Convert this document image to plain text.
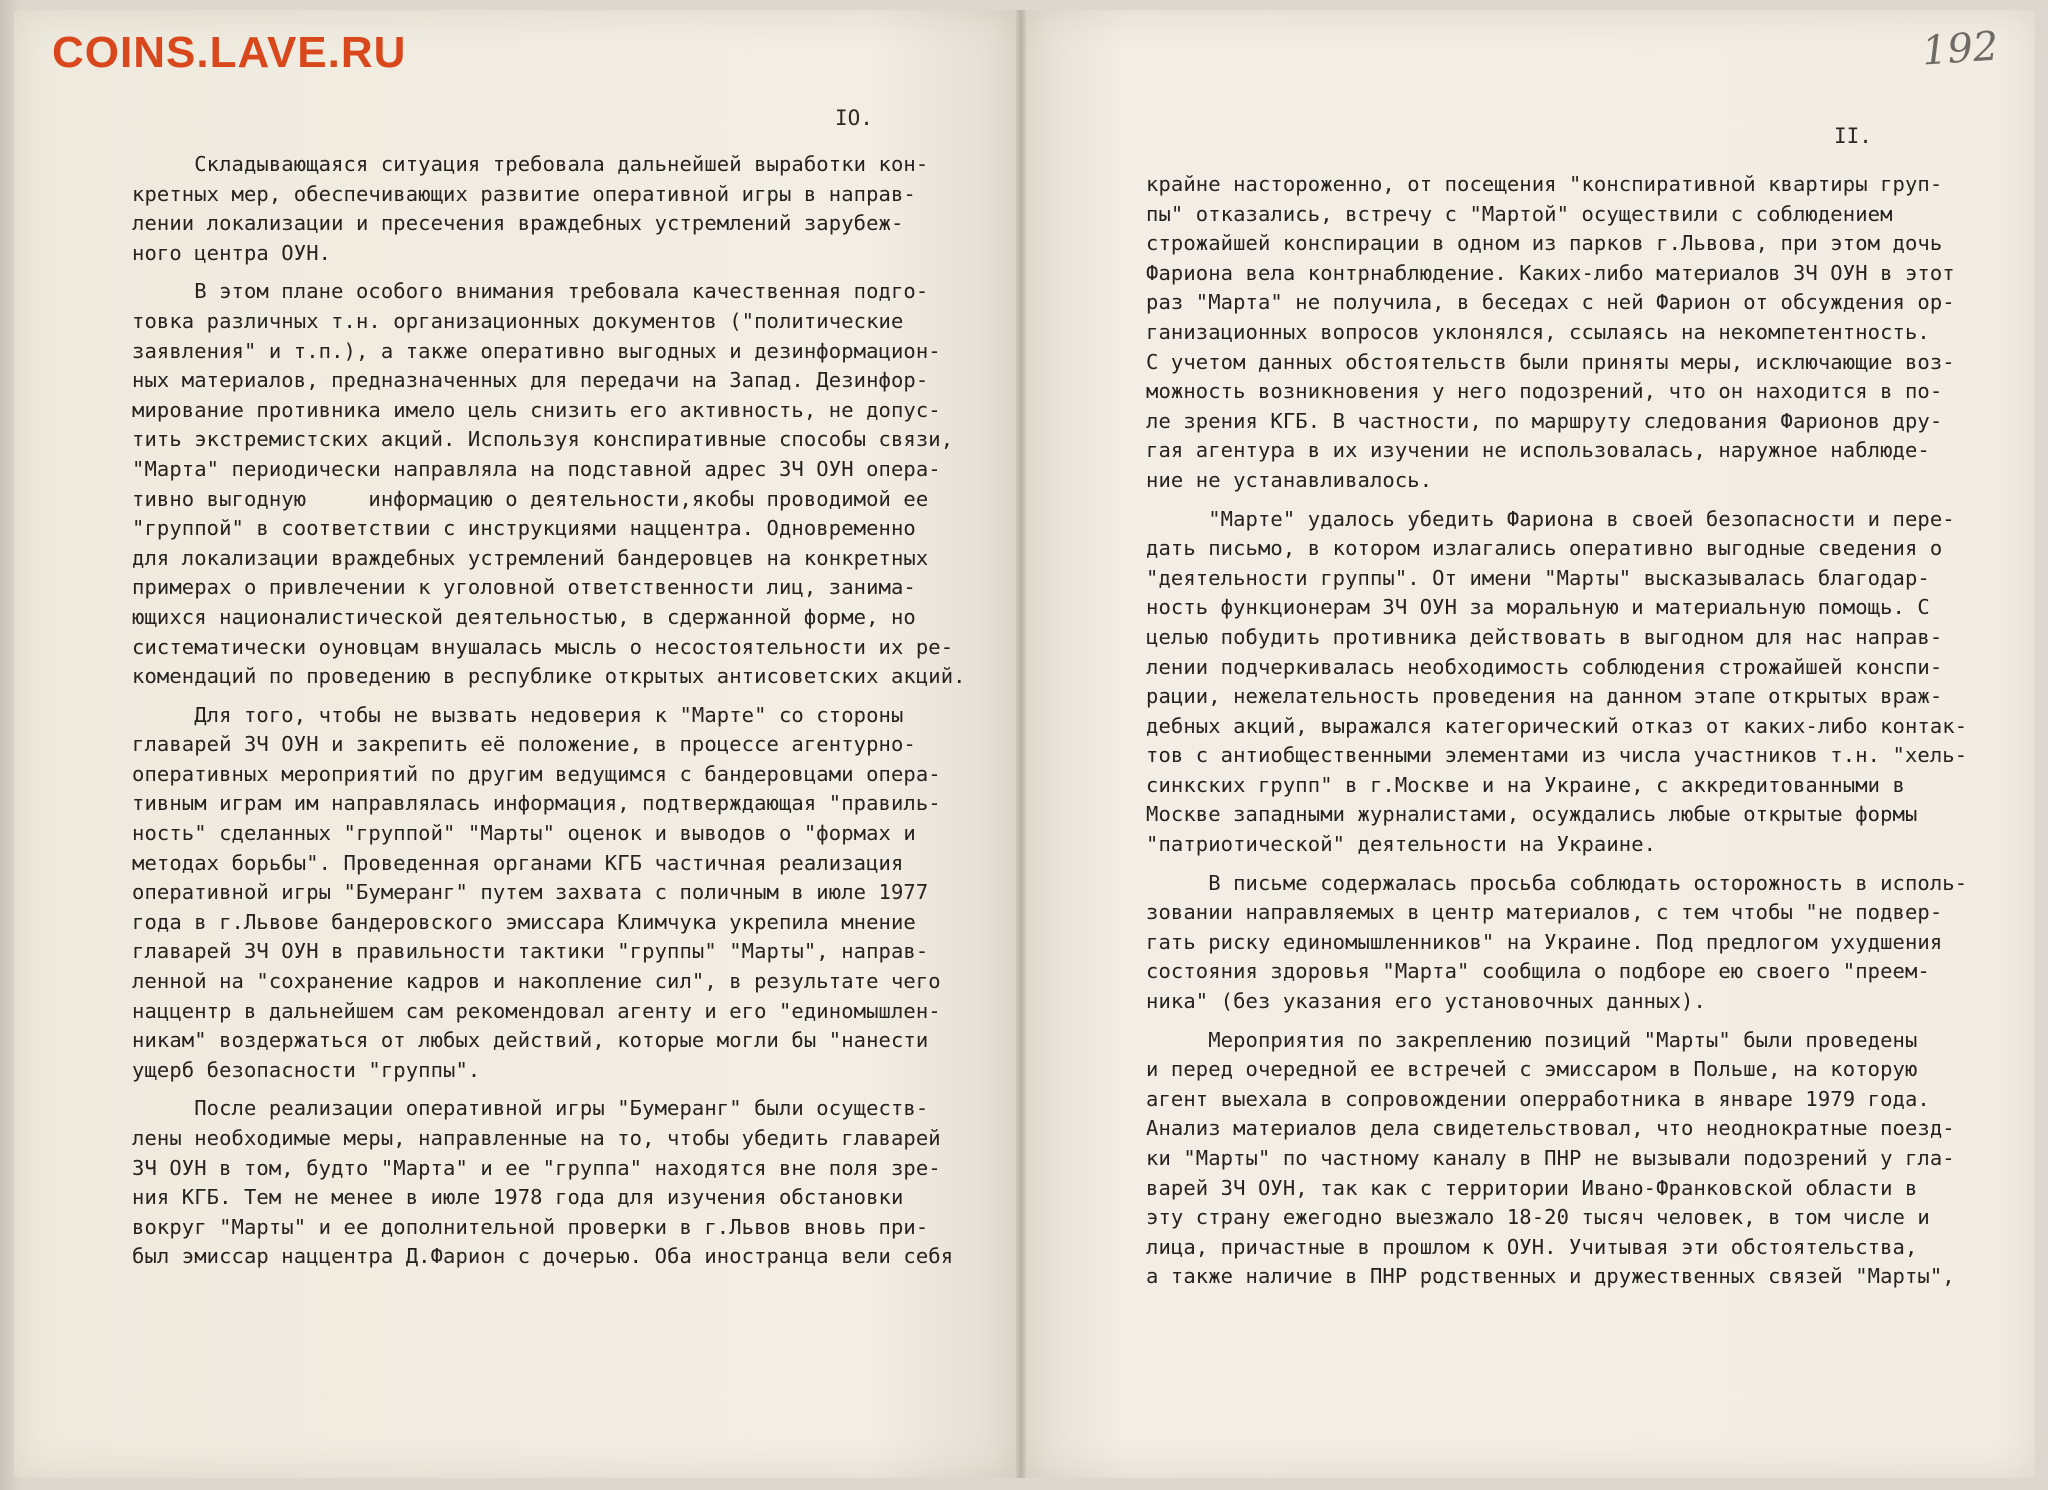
COINS.LAVE.RU	192
IO.
II.

Складывающаяся ситуация требовала дальнейшей выработки кон-
кретных мер, обеспечивающих развитие оперативной игры в направ-
лении локализации и пресечения враждебных устремлений зарубеж-
ного центра ОУН.

В этом плане особого внимания требовала качественная подго-
товка различных т.н. организационных документов ("политические
заявления" и т.п.), а также оперативно выгодных и дезинформацион-
ных материалов, предназначенных для передачи на Запад. Дезинфор-
мирование противника имело цель снизить его активность, не допус-
тить экстремистских акций. Используя конспиративные способы связи,
"Марта" периодически направляла на подставной адрес ЗЧ ОУН опера-
тивно выгодную     информацию о деятельности,якобы проводимой ее
"группой" в соответствии с инструкциями наццентра. Одновременно
для локализации враждебных устремлений бандеровцев на конкретных
примерах о привлечении к уголовной ответственности лиц, занима-
ющихся националистической деятельностью, в сдержанной форме, но
систематически оуновцам внушалась мысль о несостоятельности их ре-
комендаций по проведению в республике открытых антисоветских акций.

Для того, чтобы не вызвать недоверия к "Марте" со стороны
главарей ЗЧ ОУН и закрепить её положение, в процессе агентурно-
оперативных мероприятий по другим ведущимся с бандеровцами опера-
тивным играм им направлялась информация, подтверждающая "правиль-
ность" сделанных "группой" "Марты" оценок и выводов о "формах и
методах борьбы". Проведенная органами КГБ частичная реализация
оперативной игры "Бумеранг" путем захвата с поличным в июле 1977
года в г.Львове бандеровского эмиссара Климчука укрепила мнение
главарей ЗЧ ОУН в правильности тактики "группы" "Марты", направ-
ленной на "сохранение кадров и накопление сил", в результате чего
наццентр в дальнейшем сам рекомендовал агенту и его "единомышлен-
никам" воздержаться от любых действий, которые могли бы "нанести
ущерб безопасности "группы".

После реализации оперативной игры "Бумеранг" были осуществ-
лены необходимые меры, направленные на то, чтобы убедить главарей
ЗЧ ОУН в том, будто "Марта" и ее "группа" находятся вне поля зре-
ния КГБ. Тем не менее в июле 1978 года для изучения обстановки
вокруг "Марты" и ее дополнительной проверки в г.Львов вновь при-
был эмиссар наццентра Д.Фарион с дочерью. Оба иностранца вели себя

крайне настороженно, от посещения "конспиративной квартиры груп-
пы" отказались, встречу с "Мартой" осуществили с соблюдением
строжайшей конспирации в одном из парков г.Львова, при этом дочь
Фариона вела контрнаблюдение. Каких-либо материалов ЗЧ ОУН в этот
раз "Марта" не получила, в беседах с ней Фарион от обсуждения ор-
ганизационных вопросов уклонялся, ссылаясь на некомпетентность.
С учетом данных обстоятельств были приняты меры, исключающие воз-
можность возникновения у него подозрений, что он находится в по-
ле зрения КГБ. В частности, по маршруту следования Фарионов дру-
гая агентура в их изучении не использовалась, наружное наблюде-
ние не устанавливалось.

"Марте" удалось убедить Фариона в своей безопасности и пере-
дать письмо, в котором излагались оперативно выгодные сведения о
"деятельности группы". От имени "Марты" высказывалась благодар-
ность функционерам ЗЧ ОУН за моральную и материальную помощь. С
целью побудить противника действовать в выгодном для нас направ-
лении подчеркивалась необходимость соблюдения строжайшей конспи-
рации, нежелательность проведения на данном этапе открытых враж-
дебных акций, выражался категорический отказ от каких-либо контак-
тов с антиобщественными элементами из числа участников т.н. "хель-
синкских групп" в г.Москве и на Украине, с аккредитованными в
Москве западными журналистами, осуждались любые открытые формы
"патриотической" деятельности на Украине.

В письме содержалась просьба соблюдать осторожность в исполь-
зовании направляемых в центр материалов, с тем чтобы "не подвер-
гать риску единомышленников" на Украине. Под предлогом ухудшения
состояния здоровья "Марта" сообщила о подборе ею своего "преем-
ника" (без указания его установочных данных).

Мероприятия по закреплению позиций "Марты" были проведены
и перед очередной ее встречей с эмиссаром в Польше, на которую
агент выехала в сопровождении оперработника в январе 1979 года.
Анализ материалов дела свидетельствовал, что неоднократные поезд-
ки "Марты" по частному каналу в ПНР не вызывали подозрений у гла-
варей ЗЧ ОУН, так как с территории Ивано-Франковской области в
эту страну ежегодно выезжало 18-20 тысяч человек, в том числе и
лица, причастные в прошлом к ОУН. Учитывая эти обстоятельства,
а также наличие в ПНР родственных и дружественных связей "Марты",
